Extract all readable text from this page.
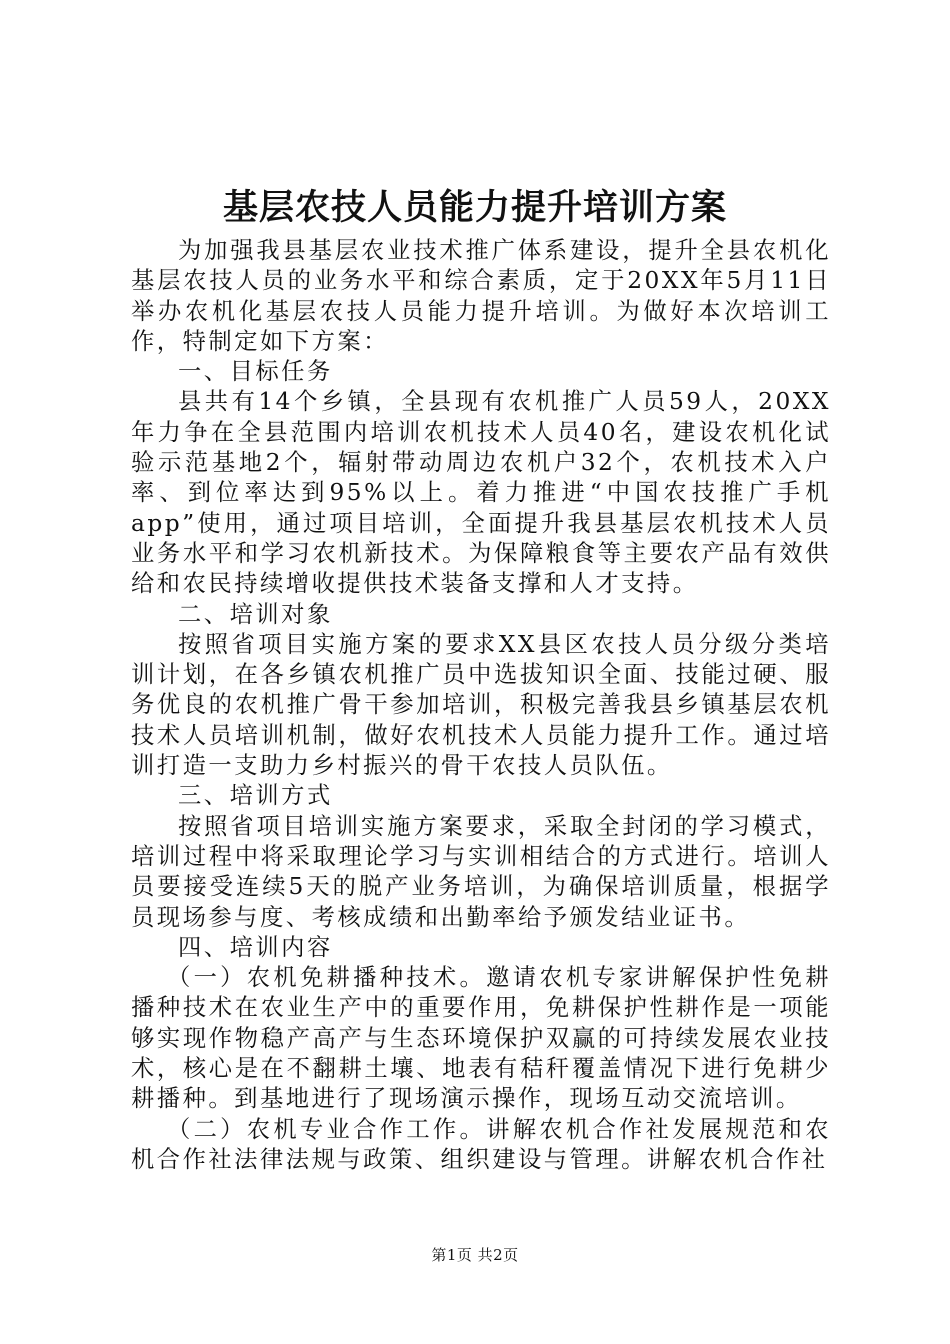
基层农技人员能力提升培训方案

为加强我县基层农业技术推广体系建设，提升全县农机化基层农技人员的业务水平和综合素质，定于20XX年5月11日举办农机化基层农技人员能力提升培训。为做好本次培训工作，特制定如下方案：

一、目标任务

县共有14个乡镇，全县现有农机推广人员59人，20XX年力争在全县范围内培训农机技术人员40名，建设农机化试验示范基地2个，辐射带动周边农机户32个，农机技术入户率、到位率达到95%以上。着力推进“中国农技推广手机app”使用，通过项目培训，全面提升我县基层农机技术人员业务水平和学习农机新技术。为保障粮食等主要农产品有效供给和农民持续增收提供技术装备支撑和人才支持。

二、培训对象

按照省项目实施方案的要求XX县区农技人员分级分类培训计划，在各乡镇农机推广员中选拔知识全面、技能过硬、服务优良的农机推广骨干参加培训，积极完善我县乡镇基层农机技术人员培训机制，做好农机技术人员能力提升工作。通过培训打造一支助力乡村振兴的骨干农技人员队伍。

三、培训方式

按照省项目培训实施方案要求，采取全封闭的学习模式，培训过程中将采取理论学习与实训相结合的方式进行。培训人员要接受连续5天的脱产业务培训，为确保培训质量，根据学员现场参与度、考核成绩和出勤率给予颁发结业证书。

四、培训内容

（一）农机免耕播种技术。邀请农机专家讲解保护性免耕播种技术在农业生产中的重要作用，免耕保护性耕作是一项能够实现作物稳产高产与生态环境保护双赢的可持续发展农业技术，核心是在不翻耕土壤、地表有秸秆覆盖情况下进行免耕少耕播种。到基地进行了现场演示操作，现场互动交流培训。

（二）农机专业合作工作。讲解农机合作社发展规范和农机合作社法律法规与政策、组织建设与管理。讲解农机合作社

第1页 共2页
